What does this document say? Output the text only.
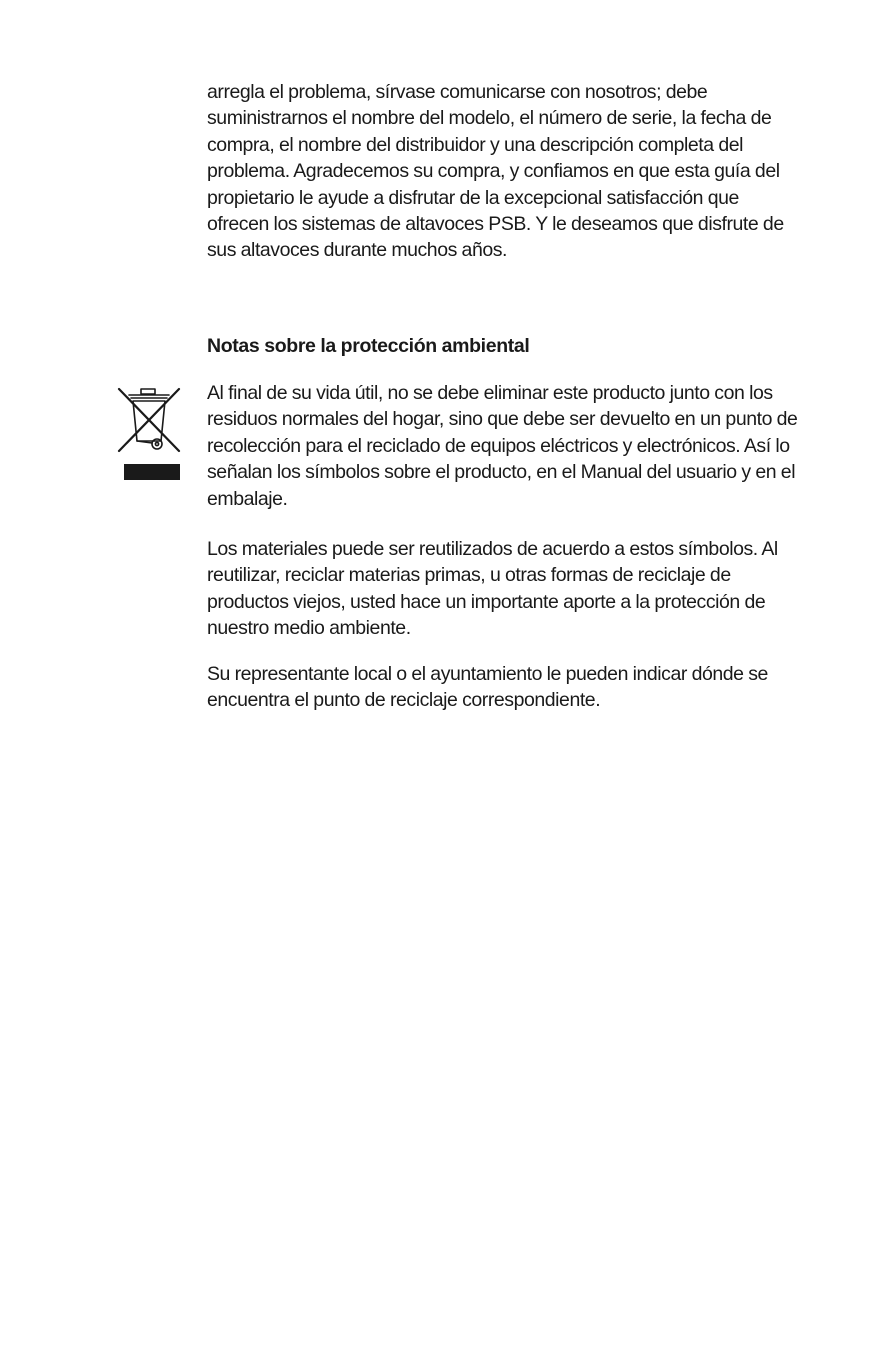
arregla el problema, sírvase comunicarse con nosotros; debe
suministrarnos el nombre del modelo, el número de serie, la fecha de
compra, el nombre del distribuidor y una descripción completa del
problema. Agradecemos su compra, y confiamos en que esta guía del
propietario le ayude a disfrutar de la excepcional satisfacción que
ofrecen los sistemas de altavoces PSB. Y le deseamos que disfrute de
sus altavoces durante muchos años.

Notas sobre la protección ambiental

Al final de su vida útil, no se debe eliminar este producto junto con los
residuos normales del hogar, sino que debe ser devuelto en un punto de
recolección para el reciclado de equipos eléctricos y electrónicos. Así lo
señalan los símbolos sobre el producto, en el Manual del usuario y en el
embalaje.

Los materiales puede ser reutilizados de acuerdo a estos símbolos. Al
reutilizar, reciclar materias primas, u otras formas de reciclaje de
productos viejos, usted hace un importante aporte a la protección de
nuestro medio ambiente.

Su representante local o el ayuntamiento le pueden indicar dónde se
encuentra el punto de reciclaje correspondiente.
